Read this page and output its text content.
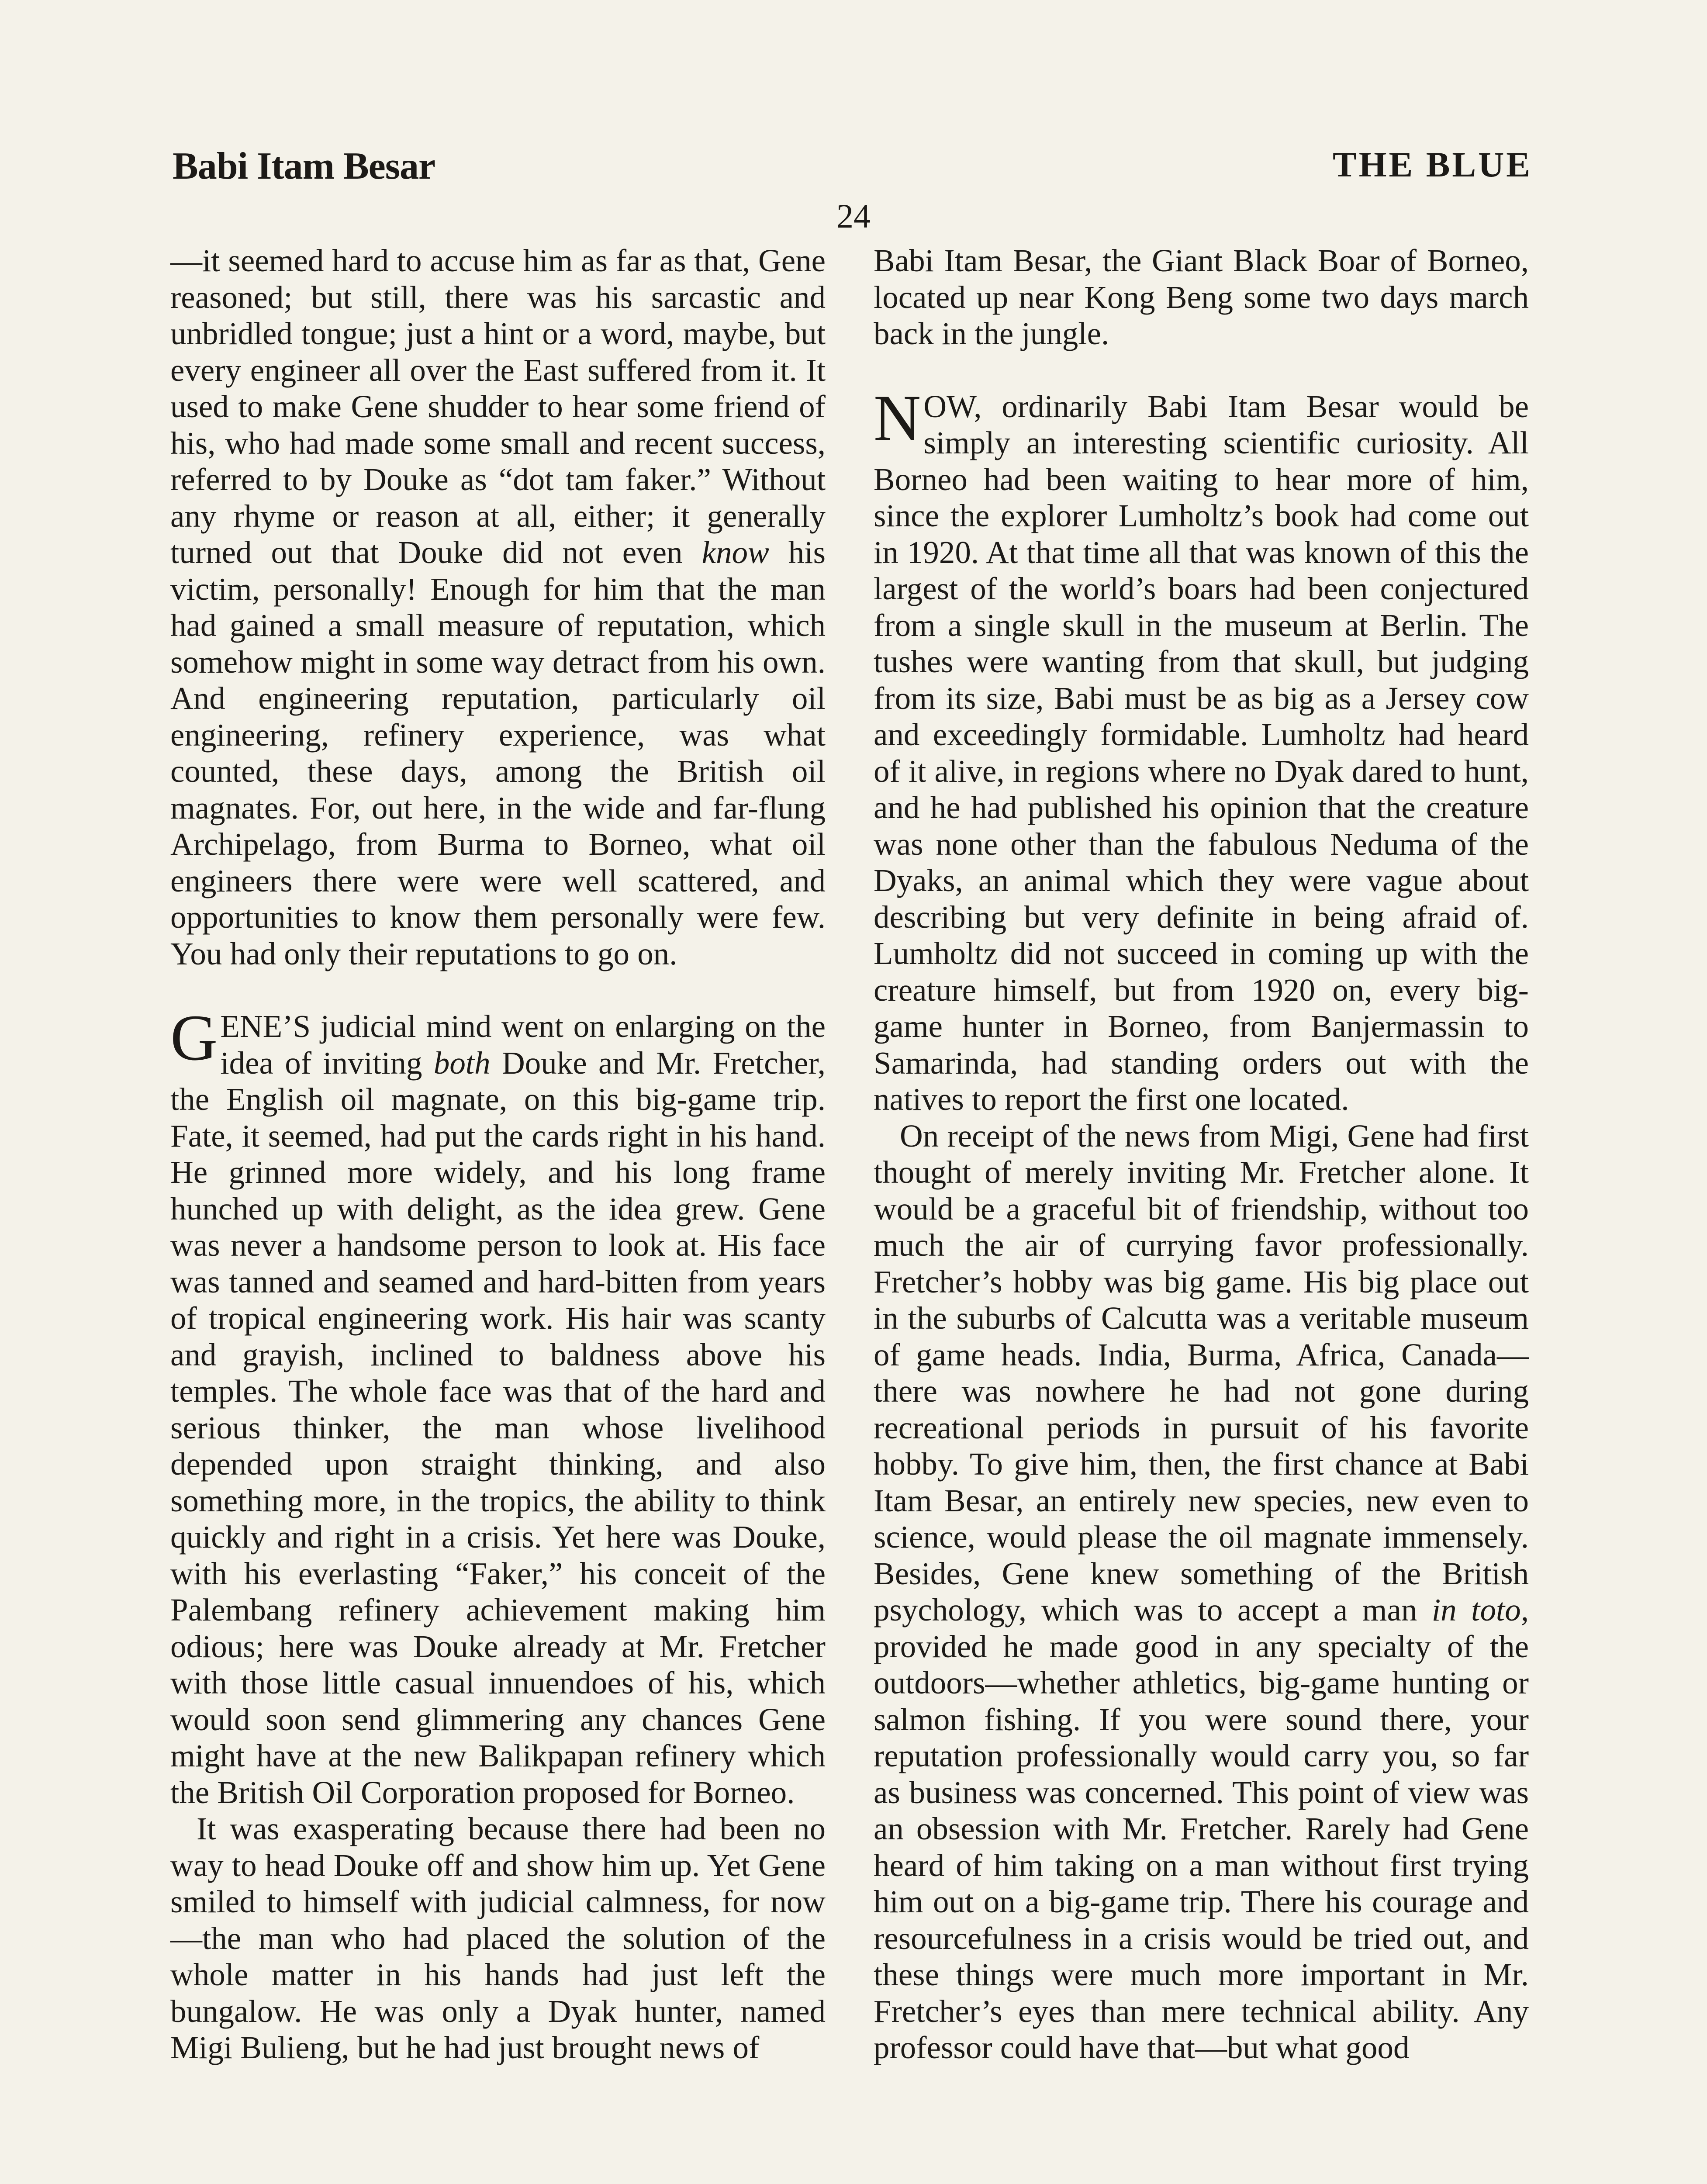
Babi Itam Besar	THE BLUE
24

—it seemed hard to accuse him as far as that, Gene reasoned; but still, there was his sarcastic and unbridled tongue; just a hint or a word, maybe, but every engineer all over the East suffered from it. It used to make Gene shudder to hear some friend of his, who had made some small and recent success, referred to by Douke as “dot tam faker.” Without any rhyme or reason at all, either; it generally turned out that Douke did not even know his victim, personally! Enough for him that the man had gained a small measure of reputation, which somehow might in some way detract from his own. And engineering reputation, particularly oil engineering, refinery experience, was what counted, these days, among the British oil magnates. For, out here, in the wide and far-flung Archipelago, from Burma to Borneo, what oil engineers there were were well scattered, and opportunities to know them personally were few. You had only their reputations to go on.

GENE’S judicial mind went on enlarging on the idea of inviting both Douke and Mr. Fretcher, the English oil magnate, on this big-game trip. Fate, it seemed, had put the cards right in his hand. He grinned more widely, and his long frame hunched up with delight, as the idea grew. Gene was never a handsome person to look at. His face was tanned and seamed and hard-bitten from years of tropical engineering work. His hair was scanty and grayish, inclined to baldness above his temples. The whole face was that of the hard and serious thinker, the man whose livelihood depended upon straight thinking, and also something more, in the tropics, the ability to think quickly and right in a crisis. Yet here was Douke, with his everlasting “Faker,” his conceit of the Palembang refinery achievement making him odious; here was Douke already at Mr. Fretcher with those little casual innuendoes of his, which would soon send glimmering any chances Gene might have at the new Balikpapan refinery which the British Oil Corporation proposed for Borneo.

It was exasperating because there had been no way to head Douke off and show him up. Yet Gene smiled to himself with judicial calmness, for now—the man who had placed the solution of the whole matter in his hands had just left the bungalow. He was only a Dyak hunter, named Migi Bulieng, but he had just brought news of

Babi Itam Besar, the Giant Black Boar of Borneo, located up near Kong Beng some two days march back in the jungle.

NOW, ordinarily Babi Itam Besar would be simply an interesting scientific curiosity. All Borneo had been waiting to hear more of him, since the explorer Lumholtz’s book had come out in 1920. At that time all that was known of this the largest of the world’s boars had been conjectured from a single skull in the museum at Berlin. The tushes were wanting from that skull, but judging from its size, Babi must be as big as a Jersey cow and exceedingly formidable. Lumholtz had heard of it alive, in regions where no Dyak dared to hunt, and he had published his opinion that the creature was none other than the fabulous Neduma of the Dyaks, an animal which they were vague about describing but very definite in being afraid of. Lumholtz did not succeed in coming up with the creature himself, but from 1920 on, every big-game hunter in Borneo, from Banjermassin to Samarinda, had standing orders out with the natives to report the first one located.

On receipt of the news from Migi, Gene had first thought of merely inviting Mr. Fretcher alone. It would be a graceful bit of friendship, without too much the air of currying favor professionally. Fretcher’s hobby was big game. His big place out in the suburbs of Calcutta was a veritable museum of game heads. India, Burma, Africa, Canada—there was nowhere he had not gone during recreational periods in pursuit of his favorite hobby. To give him, then, the first chance at Babi Itam Besar, an entirely new species, new even to science, would please the oil magnate immensely. Besides, Gene knew something of the British psychology, which was to accept a man in toto, provided he made good in any specialty of the outdoors—whether athletics, big-game hunting or salmon fishing. If you were sound there, your reputation professionally would carry you, so far as business was concerned. This point of view was an obsession with Mr. Fretcher. Rarely had Gene heard of him taking on a man without first trying him out on a big-game trip. There his courage and resourcefulness in a crisis would be tried out, and these things were much more important in Mr. Fretcher’s eyes than mere technical ability. Any professor could have that—but what good
